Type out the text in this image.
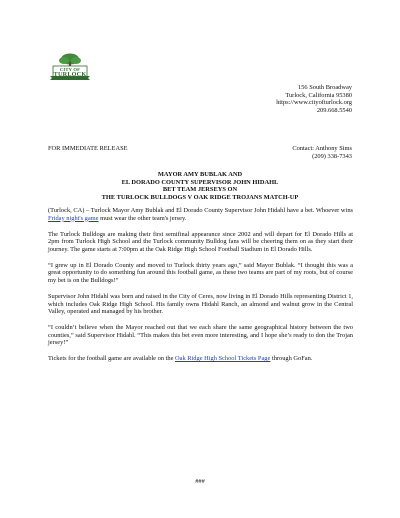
CITY OF
TURLOCK
156 South Broadway
Turlock, California 95380
https://www.cityofturlock.org
209.668.5540
FOR IMMEDIATE RELEASE	Contact: Anthony Sims
(209) 338-7343
MAYOR AMY BUBLAK AND
EL DORADO COUNTY SUPERVISOR JOHN HIDAHL
BET TEAM JERSEYS ON
THE TURLOCK BULLDOGS V OAK RIDGE TROJANS MATCH-UP

(Turlock, CA) – Turlock Mayor Amy Bublak and El Dorado County Supervisor John Hidahl have a bet. Whoever wins Friday night's game must wear the other team's jersey.

The Turlock Bulldogs are making their first semifinal appearance since 2002 and will depart for El Dorado Hills at 2pm from Turlock High School and the Turlock community Bulldog fans will be cheering them on as they start their journey. The game starts at 7:00pm at the Oak Ridge High School Football Stadium in El Dorado Hills.

“I grew up in El Dorado County and moved to Turlock thirty years ago,” said Mayor Bublak. “I thought this was a great opportunity to do something fun around this football game, as these two teams are part of my roots, but of course my bet is on the Bulldogs!”

Supervisor John Hidahl was born and raised in the City of Ceres, now living in El Dorado Hills representing District 1, which includes Oak Ridge High School. His family owns Hidahl Ranch, an almond and walnut grow in the Central Valley, operated and managed by his brother.

“I couldn’t believe when the Mayor reached out that we each share the same geographical history between the two counties,” said Supervisor Hidahl. “This makes this bet even more interesting, and I hope she’s ready to don the Trojan jersey!”

Tickets for the football game are available on the Oak Ridge High School Tickets Page through GoFan.

###
